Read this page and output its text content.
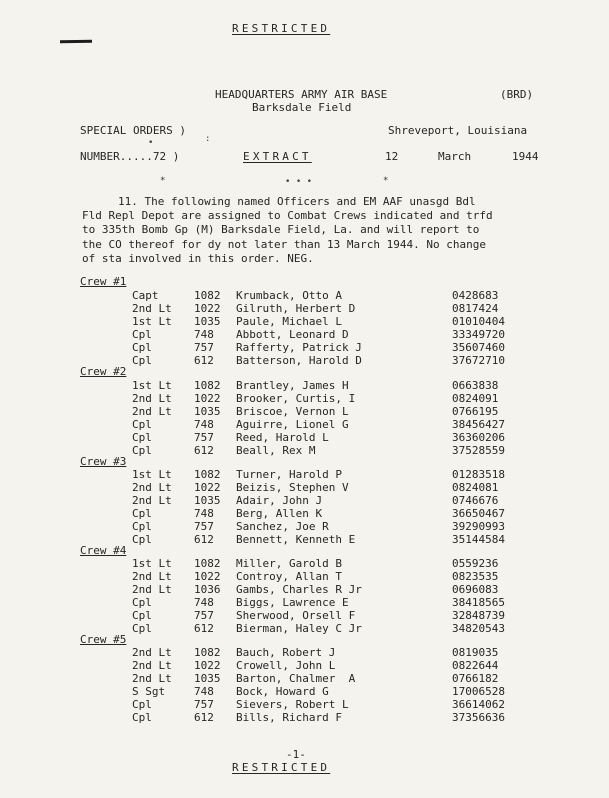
RESTRICTED
HEADQUARTERS ARMY AIR BASE	(BRD)
Barksdale Field
SPECIAL ORDERS )	Shreveport, Louisiana
•	:
NUMBER.....72 )	EXTRACT	12	March	1944
*	• • •	*
11. The following named Officers and EM AAF unasgd Bdl
Fld Repl Depot are assigned to Combat Crews indicated and trfd
to 335th Bomb Gp (M) Barksdale Field, La. and will report to
the CO thereof for dy not later than 13 March 1944. No change
of sta involved in this order. NEG.
Crew #1
Capt	1082 Krumback, Otto A	0428683
2nd Lt 1022 Gilruth, Herbert D	0817424
1st Lt 1035 Paule, Michael L	01010404
Cpl	748 Abbott, Leonard D	33349720
Cpl	757 Rafferty, Patrick J	35607460
Cpl	612 Batterson, Harold D	37672710
Crew #2
1st Lt 1082 Brantley, James H	0663838
2nd Lt 1022 Brooker, Curtis, I	0824091
2nd Lt 1035 Briscoe, Vernon L	0766195
Cpl	748 Aguirre, Lionel G	38456427
Cpl	757 Reed, Harold L	36360206
Cpl	612 Beall, Rex M	37528559
Crew #3
1st Lt 1082 Turner, Harold P	01283518
2nd Lt 1022 Beizis, Stephen V	0824081
2nd Lt 1035 Adair, John J	0746676
Cpl	748 Berg, Allen K	36650467
Cpl	757 Sanchez, Joe R	39290993
Cpl	612 Bennett, Kenneth E	35144584
Crew #4
1st Lt 1082 Miller, Garold B	0559236
2nd Lt 1022 Controy, Allan T	0823535
2nd Lt 1036 Gambs, Charles R Jr	0696083
Cpl	748 Biggs, Lawrence E	38418565
Cpl	757 Sherwood, Orsell F	32848739
Cpl	612 Bierman, Haley C Jr	34820543
Crew #5
2nd Lt 1082 Bauch, Robert J	0819035
2nd Lt 1022 Crowell, John L	0822644
2nd Lt 1035 Barton, Chalmer  A	0766182
S Sgt	748 Bock, Howard G	17006528
Cpl	757 Sievers, Robert L	36614062
Cpl	612 Bills, Richard F	37356636
-1-
RESTRICTED
